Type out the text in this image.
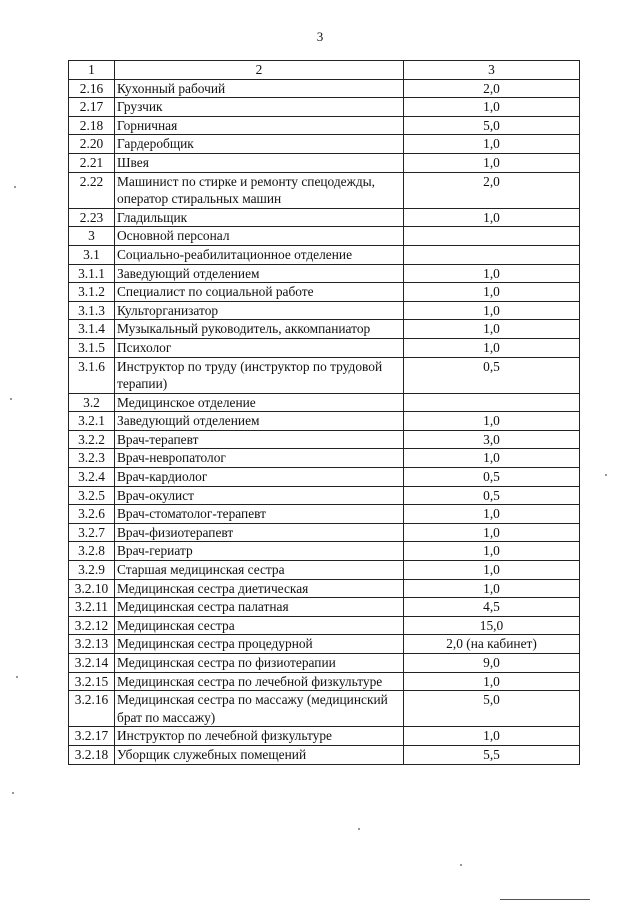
3
1	2	3
2.16	Кухонный рабочий	2,0
2.17	Грузчик	1,0
2.18	Горничная	5,0
2.20	Гардеробщик	1,0
2.21	Швея	1,0
2.22	Машинист по стирке и ремонту спецодежды, оператор стиральных машин	2,0
2.23	Гладильщик	1,0
3	Основной персонал	
3.1	Социально-реабилитационное отделение	
3.1.1	Заведующий отделением	1,0
3.1.2	Специалист по социальной работе	1,0
3.1.3	Культорганизатор	1,0
3.1.4	Музыкальный руководитель, аккомпаниатор	1,0
3.1.5	Психолог	1,0
3.1.6	Инструктор по труду (инструктор по трудовой терапии)	0,5
3.2	Медицинское отделение	
3.2.1	Заведующий отделением	1,0
3.2.2	Врач-терапевт	3,0
3.2.3	Врач-невропатолог	1,0
3.2.4	Врач-кардиолог	0,5
3.2.5	Врач-окулист	0,5
3.2.6	Врач-стоматолог-терапевт	1,0
3.2.7	Врач-физиотерапевт	1,0
3.2.8	Врач-гериатр	1,0
3.2.9	Старшая медицинская сестра	1,0
3.2.10	Медицинская сестра диетическая	1,0
3.2.11	Медицинская сестра палатная	4,5
3.2.12	Медицинская сестра	15,0
3.2.13	Медицинская сестра процедурной	2,0 (на кабинет)
3.2.14	Медицинская сестра по физиотерапии	9,0
3.2.15	Медицинская сестра по лечебной физкультуре	1,0
3.2.16	Медицинская сестра по массажу (медицинский брат по массажу)	5,0
3.2.17	Инструктор по лечебной физкультуре	1,0
3.2.18	Уборщик служебных помещений	5,5
